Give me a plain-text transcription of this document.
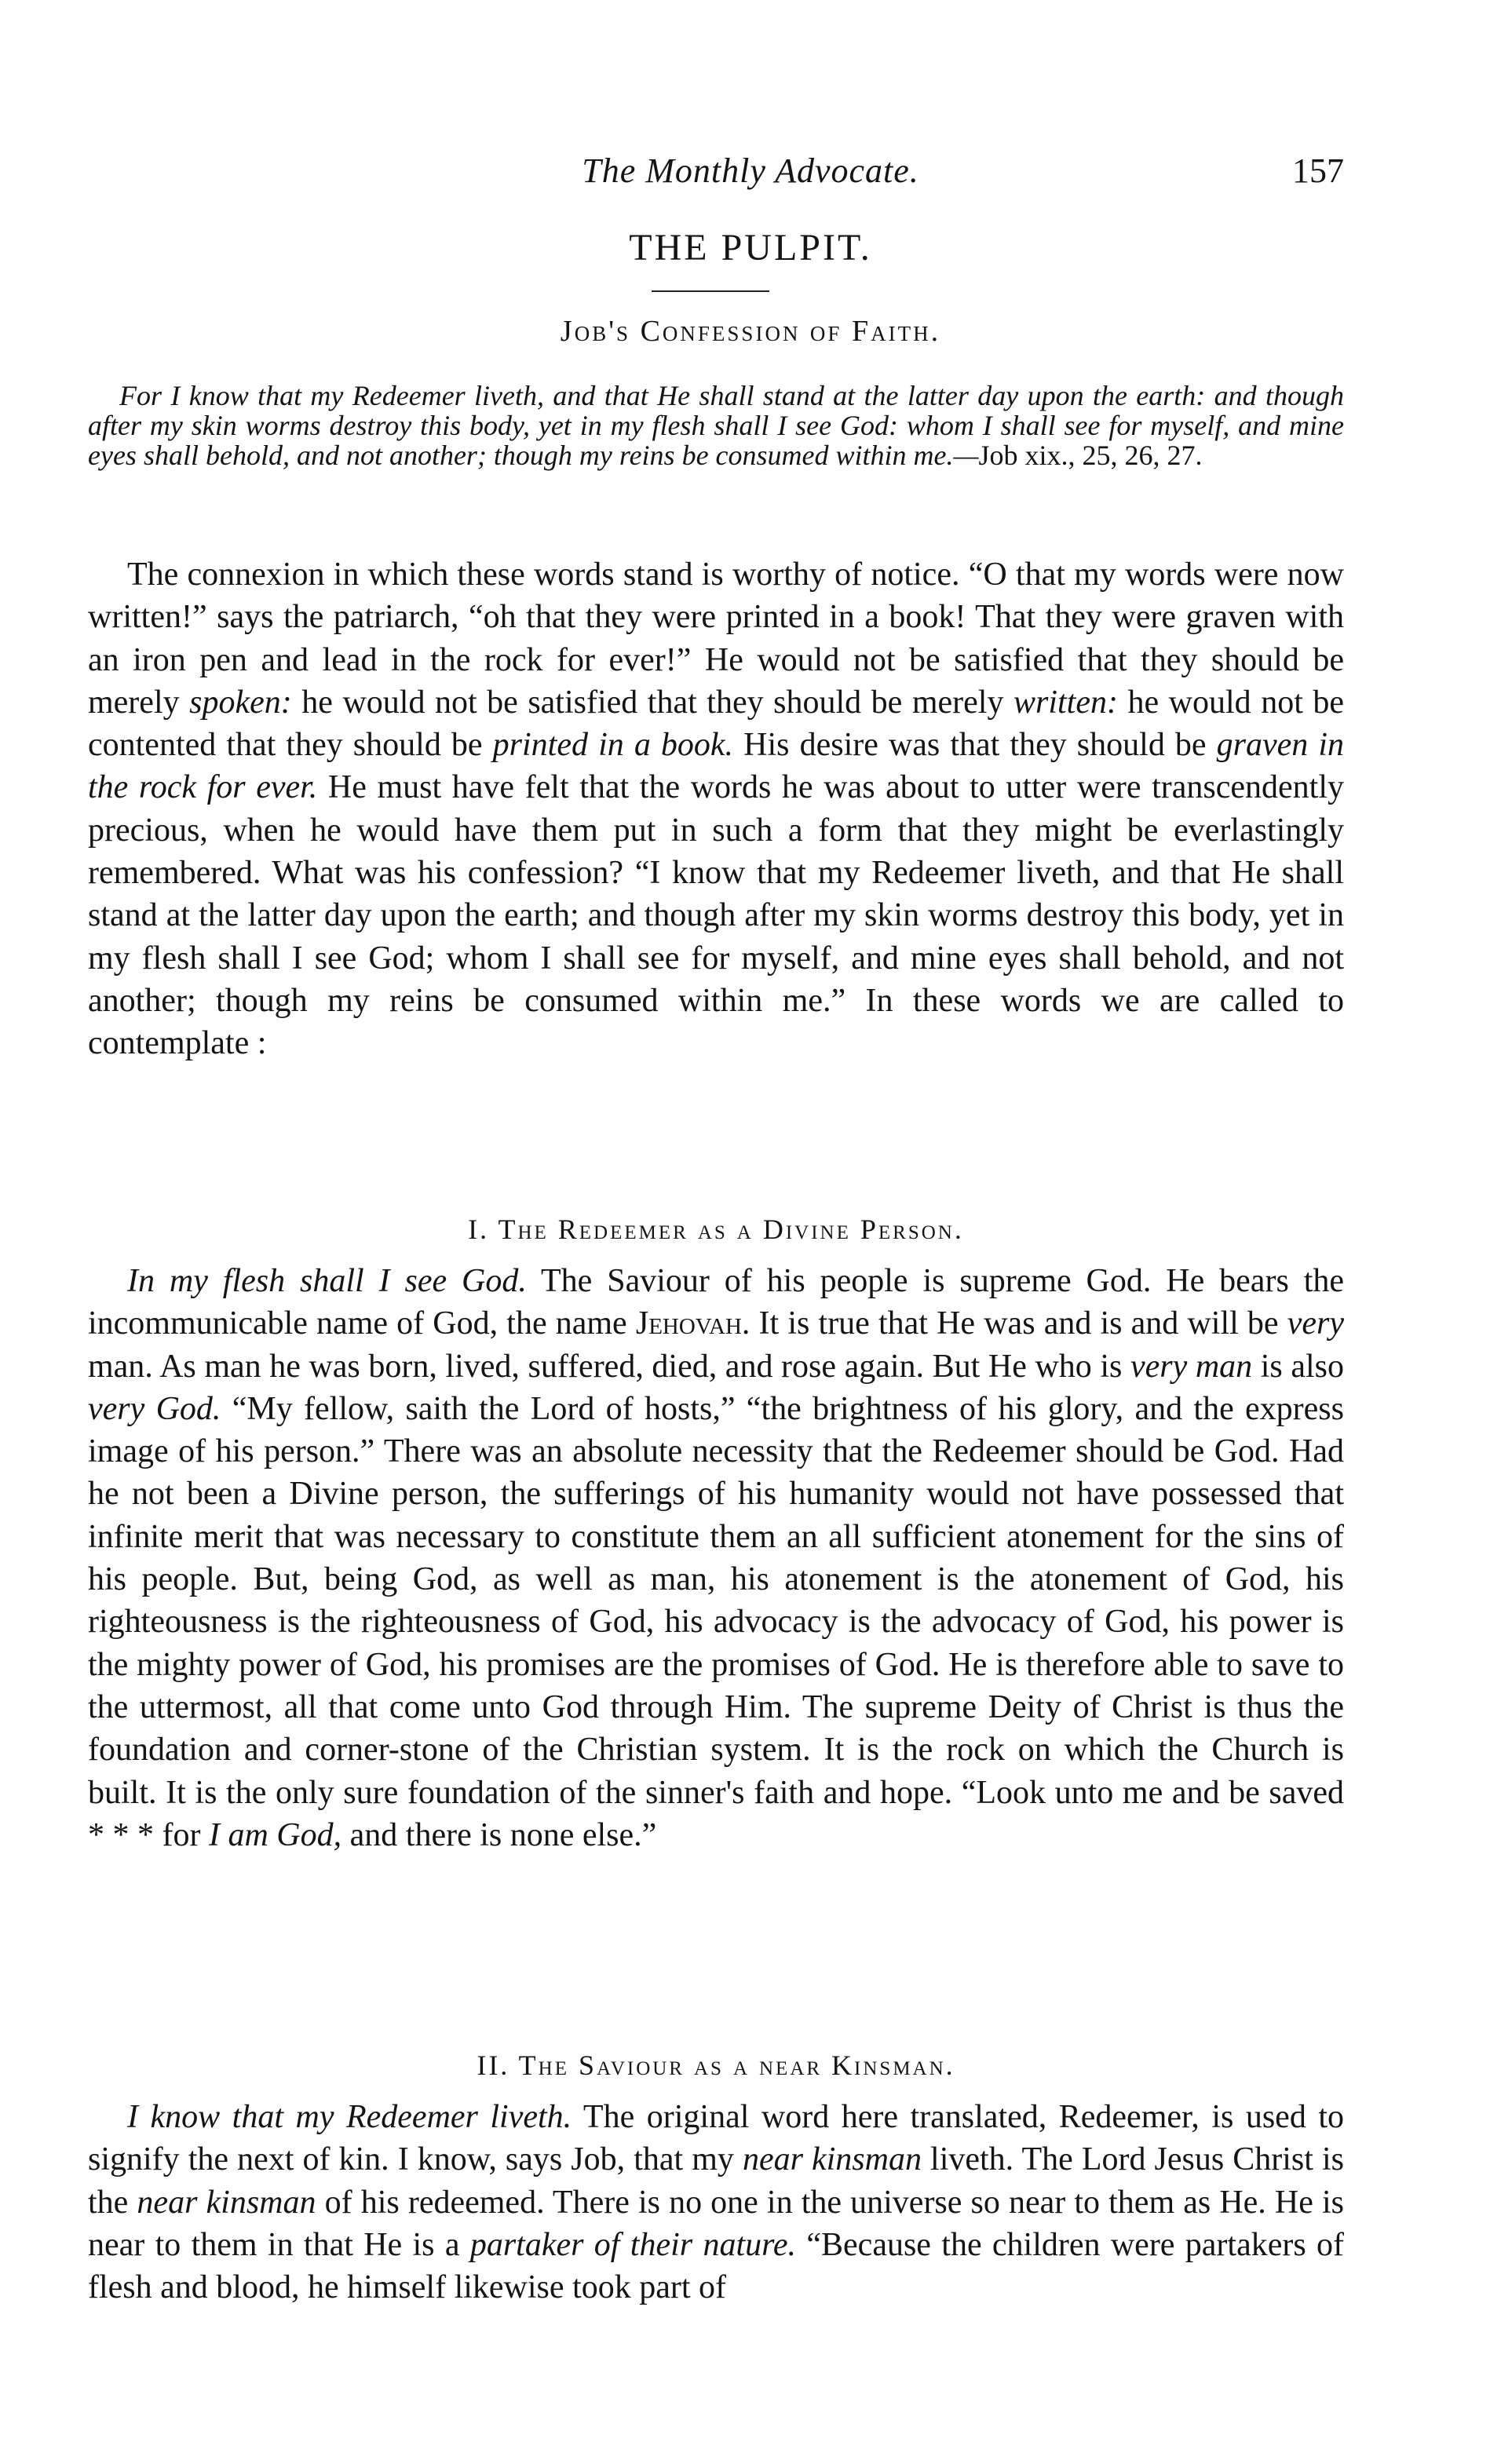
The Monthly Advocate.	157
THE PULPIT.
Job's Confession of Faith.

For I know that my Redeemer liveth, and that He shall stand at the latter day upon the earth: and though after my skin worms destroy this body, yet in my flesh shall I see God: whom I shall see for myself, and mine eyes shall behold, and not another; though my reins be consumed within me.—Job xix., 25, 26, 27.

The connexion in which these words stand is worthy of notice. “O that my words were now written!” says the patriarch, “oh that they were printed in a book! That they were graven with an iron pen and lead in the rock for ever!” He would not be satisfied that they should be merely spoken: he would not be satisfied that they should be merely written: he would not be contented that they should be printed in a book. His desire was that they should be graven in the rock for ever. He must have felt that the words he was about to utter were transcendently precious, when he would have them put in such a form that they might be everlastingly remembered. What was his confession? “I know that my Redeemer liveth, and that He shall stand at the latter day upon the earth; and though after my skin worms destroy this body, yet in my flesh shall I see God; whom I shall see for myself, and mine eyes shall behold, and not another; though my reins be consumed within me.” In these words we are called to contemplate :

I. The Redeemer as a Divine Person.

In my flesh shall I see God. The Saviour of his people is supreme God. He bears the incommunicable name of God, the name Jehovah. It is true that He was and is and will be very man. As man he was born, lived, suffered, died, and rose again. But He who is very man is also very God. “My fellow, saith the Lord of hosts,” “the brightness of his glory, and the express image of his person.” There was an absolute necessity that the Redeemer should be God. Had he not been a Divine person, the sufferings of his humanity would not have possessed that infinite merit that was necessary to constitute them an all sufficient atonement for the sins of his people. But, being God, as well as man, his atonement is the atonement of God, his righteousness is the righteousness of God, his advocacy is the advocacy of God, his power is the mighty power of God, his promises are the promises of God. He is therefore able to save to the uttermost, all that come unto God through Him. The supreme Deity of Christ is thus the foundation and corner-stone of the Christian system. It is the rock on which the Church is built. It is the only sure foundation of the sinner's faith and hope. “Look unto me and be saved * * * for I am God, and there is none else.”

II. The Saviour as a near Kinsman.

I know that my Redeemer liveth. The original word here translated, Redeemer, is used to signify the next of kin. I know, says Job, that my near kinsman liveth. The Lord Jesus Christ is the near kinsman of his redeemed. There is no one in the universe so near to them as He. He is near to them in that He is a partaker of their nature. “Because the children were partakers of flesh and blood, he himself likewise took part of
